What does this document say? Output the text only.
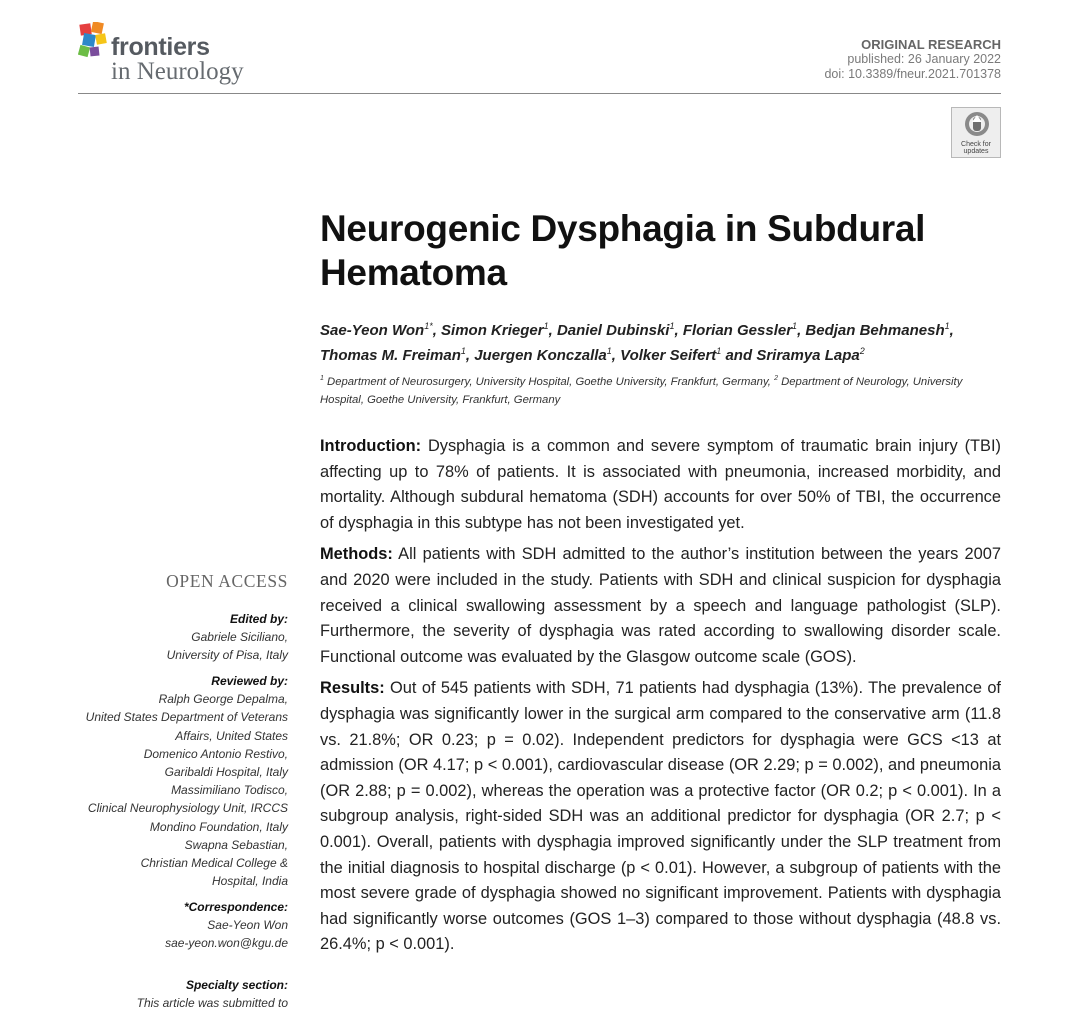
frontiers
in Neurology
ORIGINAL RESEARCH
published: 26 January 2022
doi: 10.3389/fneur.2021.701378
Check for
updates
Neurogenic Dysphagia in Subdural Hematoma
Sae-Yeon Won$^{1*}$, Simon Krieger$^1$, Daniel Dubinski$^1$, Florian Gessler$^1$, Bedjan Behmanesh$^1$,
Thomas M. Freiman$^1$, Juergen Konczalla$^1$, Volker Seifert$^1$ and Sriramya Lapa$^2$
$^1$ Department of Neurosurgery, University Hospital, Goethe University, Frankfurt, Germany, $^2$ Department of Neurology, University Hospital, Goethe University, Frankfurt, Germany

Introduction: Dysphagia is a common and severe symptom of traumatic brain injury (TBI) affecting up to 78% of patients. It is associated with pneumonia, increased morbidity, and mortality. Although subdural hematoma (SDH) accounts for over 50% of TBI, the occurrence of dysphagia in this subtype has not been investigated yet.

Methods: All patients with SDH admitted to the author’s institution between the years 2007 and 2020 were included in the study. Patients with SDH and clinical suspicion for dysphagia received a clinical swallowing assessment by a speech and language pathologist (SLP). Furthermore, the severity of dysphagia was rated according to swallowing disorder scale. Functional outcome was evaluated by the Glasgow outcome scale (GOS).

Results: Out of 545 patients with SDH, 71 patients had dysphagia (13%). The prevalence of dysphagia was significantly lower in the surgical arm compared to the conservative arm (11.8 vs. 21.8%; OR 0.23; p = 0.02). Independent predictors for dysphagia were GCS <13 at admission (OR 4.17; p < 0.001), cardiovascular disease (OR 2.29; p = 0.002), and pneumonia (OR 2.88; p = 0.002), whereas the operation was a protective factor (OR 0.2; p < 0.001). In a subgroup analysis, right-sided SDH was an additional predictor for dysphagia (OR 2.7; p < 0.001). Overall, patients with dysphagia improved significantly under the SLP treatment from the initial diagnosis to hospital discharge (p < 0.01). However, a subgroup of patients with the most severe grade of dysphagia showed no significant improvement. Patients with dysphagia had significantly worse outcomes (GOS 1–3) compared to those without dysphagia (48.8 vs. 26.4%; p < 0.001).

OPEN ACCESS
Edited by:
Gabriele Siciliano,
University of Pisa, Italy
Reviewed by:
Ralph George Depalma,
United States Department of Veterans
Affairs, United States
Domenico Antonio Restivo,
Garibaldi Hospital, Italy
Massimiliano Todisco,
Clinical Neurophysiology Unit, IRCCS
Mondino Foundation, Italy
Swapna Sebastian,
Christian Medical College &
Hospital, India
*Correspondence:
Sae-Yeon Won
sae-yeon.won@kgu.de
Specialty section:
This article was submitted to
